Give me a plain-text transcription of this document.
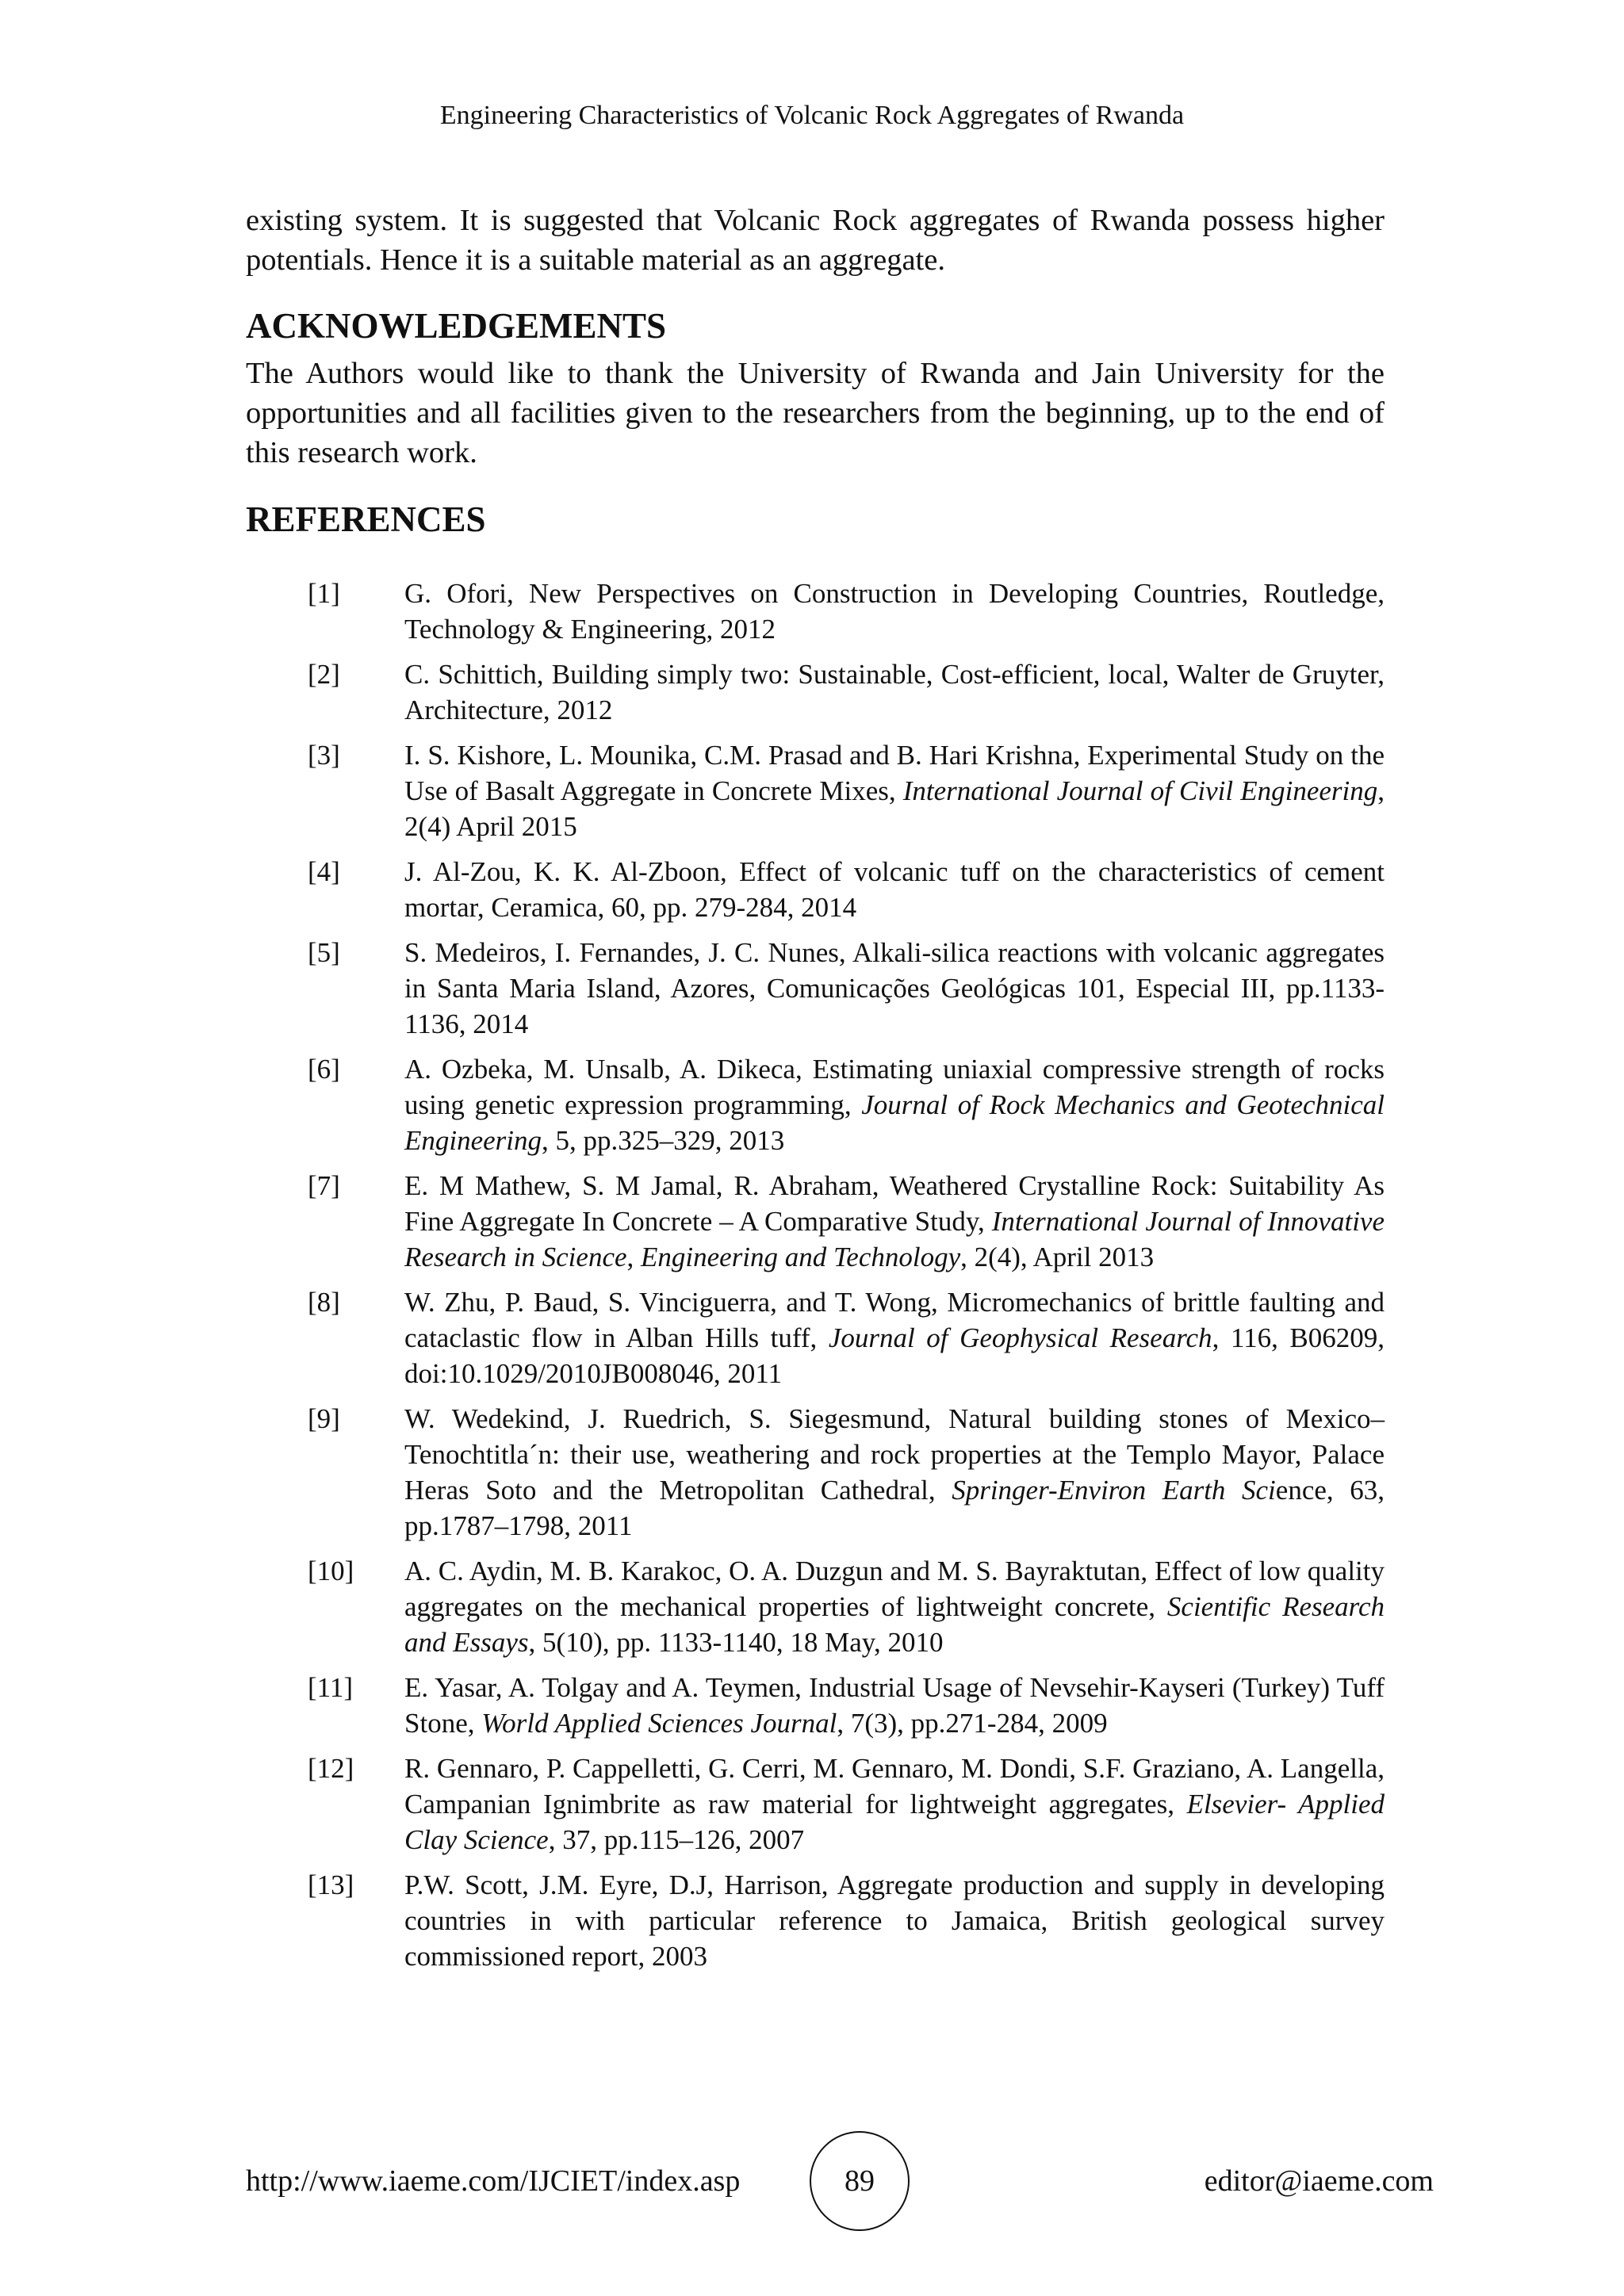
Engineering Characteristics of Volcanic Rock Aggregates of Rwanda

existing system. It is suggested that Volcanic Rock aggregates of Rwanda possess higher potentials. Hence it is a suitable material as an aggregate.

ACKNOWLEDGEMENTS

The Authors would like to thank the University of Rwanda and Jain University for the opportunities and all facilities given to the researchers from the beginning, up to the end of this research work.

REFERENCES
[1]	G. Ofori, New Perspectives on Construction in Developing Countries, Routledge, Technology & Engineering, 2012
[2]	C. Schittich, Building simply two: Sustainable, Cost-efficient, local, Walter de Gruyter, Architecture, 2012
[3]	I. S. Kishore, L. Mounika, C.M. Prasad and B. Hari Krishna, Experimental Study on the Use of Basalt Aggregate in Concrete Mixes, International Journal of Civil Engineering, 2(4) April 2015
[4]	J. Al-Zou, K. K. Al-Zboon, Effect of volcanic tuff on the characteristics of cement mortar, Ceramica, 60, pp. 279-284, 2014
[5]	S. Medeiros, I. Fernandes, J. C. Nunes, Alkali-silica reactions with volcanic aggregates in Santa Maria Island, Azores, Comunicações Geológicas 101, Especial III, pp.1133-1136, 2014
[6]	A. Ozbeka, M. Unsalb, A. Dikeca, Estimating uniaxial compressive strength of rocks using genetic expression programming, Journal of Rock Mechanics and Geotechnical Engineering, 5, pp.325–329, 2013
[7]	E. M Mathew, S. M Jamal, R. Abraham, Weathered Crystalline Rock: Suitability As Fine Aggregate In Concrete – A Comparative Study, International Journal of Innovative Research in Science, Engineering and Technology, 2(4), April 2013
[8]	W. Zhu, P. Baud, S. Vinciguerra, and T. Wong, Micromechanics of brittle faulting and cataclastic flow in Alban Hills tuff, Journal of Geophysical Research, 116, B06209, doi:10.1029/2010JB008046, 2011
[9]	W. Wedekind, J. Ruedrich, S. Siegesmund, Natural building stones of Mexico–Tenochtitla´n: their use, weathering and rock properties at the Templo Mayor, Palace Heras Soto and the Metropolitan Cathedral, Springer-Environ Earth Science, 63, pp.1787–1798, 2011
[10]	A. C. Aydin, M. B. Karakoc, O. A. Duzgun and M. S. Bayraktutan, Effect of low quality aggregates on the mechanical properties of lightweight concrete, Scientific Research and Essays, 5(10), pp. 1133-1140, 18 May, 2010
[11]	E. Yasar, A. Tolgay and A. Teymen, Industrial Usage of Nevsehir-Kayseri (Turkey) Tuff Stone, World Applied Sciences Journal, 7(3), pp.271-284, 2009
[12]	R. Gennaro, P. Cappelletti, G. Cerri, M. Gennaro, M. Dondi, S.F. Graziano, A. Langella, Campanian Ignimbrite as raw material for lightweight aggregates, Elsevier- Applied Clay Science, 37, pp.115–126, 2007
[13]	P.W. Scott, J.M. Eyre, D.J, Harrison, Aggregate production and supply in developing countries in with particular reference to Jamaica, British geological survey commissioned report, 2003
http://www.iaeme.com/IJCIET/index.asp	89	editor@iaeme.com
